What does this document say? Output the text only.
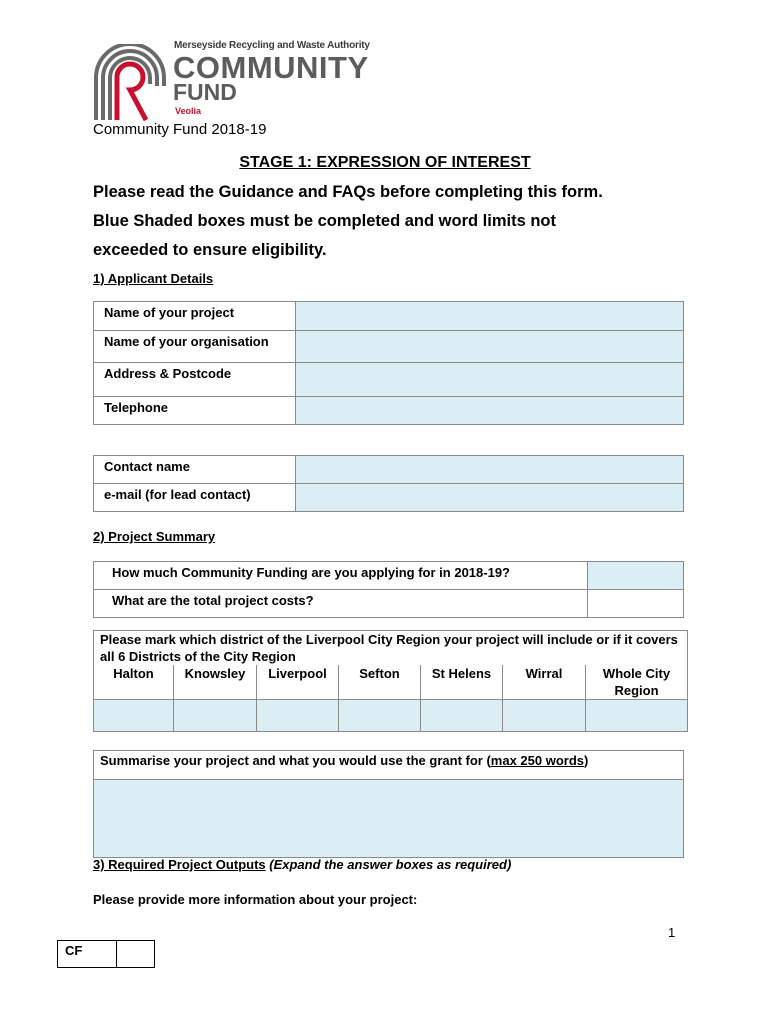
Merseyside Recycling and Waste Authority
COMMUNITY
FUND
Veolia
Community Fund 2018-19
STAGE 1: EXPRESSION OF INTEREST
Please read the Guidance and FAQs before completing this form.
Blue Shaded boxes must be completed and word limits not
exceeded to ensure eligibility.
1) Applicant Details
Name of your project	
Name of your organisation	
Address & Postcode	
Telephone	
Contact name	
e-mail (for lead contact)	
2) Project Summary
How much Community Funding are you applying for in 2018-19?	
What are the total project costs?	
Please mark which district of the Liverpool City Region your project will include or if it covers all 6 Districts of the City Region						
Halton	Knowsley	Liverpool	Sefton	St Helens	Wirral	Whole City Region

Summarise your project and what you would use the grant for (max 250 words)

3) Required Project Outputs (Expand the answer boxes as required)
Please provide more information about your project:
1
CF	
